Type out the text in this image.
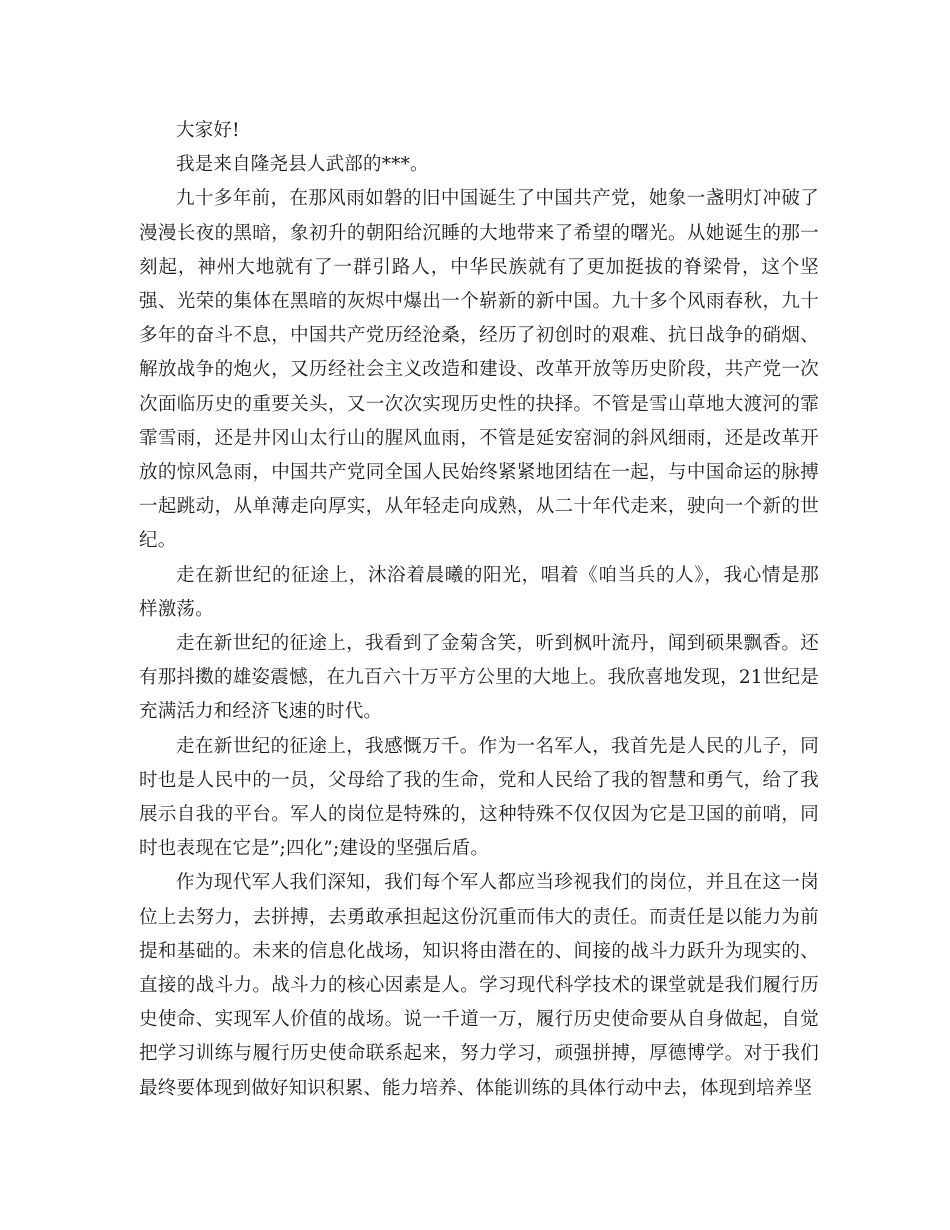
大家好!

我是来自隆尧县人武部的***。

九十多年前，在那风雨如磐的旧中国诞生了中国共产党，她象一盏明灯冲破了漫漫长夜的黑暗，象初升的朝阳给沉睡的大地带来了希望的曙光。从她诞生的那一刻起，神州大地就有了一群引路人，中华民族就有了更加挺拔的脊梁骨，这个坚强、光荣的集体在黑暗的灰烬中爆出一个崭新的新中国。九十多个风雨春秋，九十多年的奋斗不息，中国共产党历经沧桑，经历了初创时的艰难、抗日战争的硝烟、解放战争的炮火，又历经社会主义改造和建设、改革开放等历史阶段，共产党一次次面临历史的重要关头，又一次次实现历史性的抉择。不管是雪山草地大渡河的霏霏雪雨，还是井冈山太行山的腥风血雨，不管是延安窑洞的斜风细雨，还是改革开放的惊风急雨，中国共产党同全国人民始终紧紧地团结在一起，与中国命运的脉搏一起跳动，从单薄走向厚实，从年轻走向成熟，从二十年代走来，驶向一个新的世纪。

走在新世纪的征途上，沐浴着晨曦的阳光，唱着《咱当兵的人》，我心情是那样激荡。

走在新世纪的征途上，我看到了金菊含笑，听到枫叶流丹，闻到硕果飘香。还有那抖擞的雄姿震憾，在九百六十万平方公里的大地上。我欣喜地发现，21世纪是充满活力和经济飞速的时代。

走在新世纪的征途上，我感慨万千。作为一名军人，我首先是人民的儿子，同时也是人民中的一员，父母给了我的生命，党和人民给了我的智慧和勇气，给了我展示自我的平台。军人的岗位是特殊的，这种特殊不仅仅因为它是卫国的前哨，同时也表现在它是”;四化”;建设的坚强后盾。

作为现代军人我们深知，我们每个军人都应当珍视我们的岗位，并且在这一岗位上去努力，去拼搏，去勇敢承担起这份沉重而伟大的责任。而责任是以能力为前提和基础的。未来的信息化战场，知识将由潜在的、间接的战斗力跃升为现实的、直接的战斗力。战斗力的核心因素是人。学习现代科学技术的课堂就是我们履行历史使命、实现军人价值的战场。说一千道一万，履行历史使命要从自身做起，自觉把学习训练与履行历史使命联系起来，努力学习，顽强拼搏，厚德博学。对于我们最终要体现到做好知识积累、能力培养、体能训练的具体行动中去，体现到培养坚
